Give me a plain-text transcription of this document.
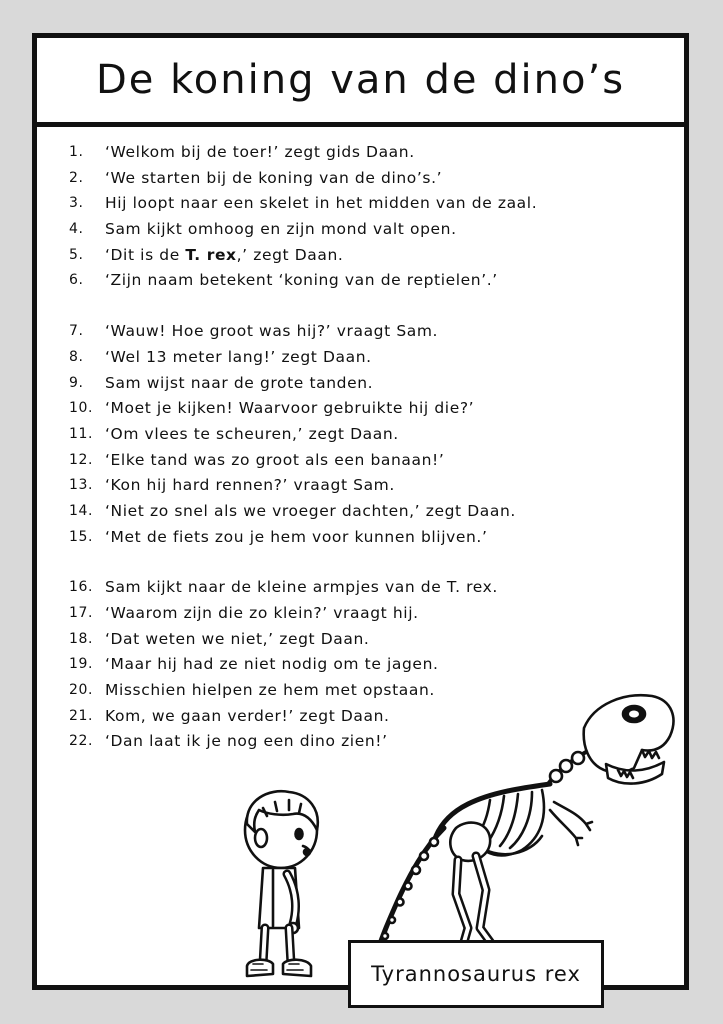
De koning van de dino’s
1.	‘Welkom bij de toer!’ zegt gids Daan.
2.	‘We starten bij de koning van de dino’s.’
3.	Hij loopt naar een skelet in het midden van de zaal.
4.	Sam kijkt omhoog en zijn mond valt open.
5.	‘Dit is de T. rex,’ zegt Daan.
6.	‘Zijn naam betekent ‘koning van de reptielen’.’
7.	‘Wauw! Hoe groot was hij?’ vraagt Sam.
8.	‘Wel 13 meter lang!’ zegt Daan.
9.	Sam wijst naar de grote tanden.
10. ‘Moet je kijken! Waarvoor gebruikte hij die?’
11. ‘Om vlees te scheuren,’ zegt Daan.
12. ‘Elke tand was zo groot als een banaan!’
13. ‘Kon hij hard rennen?’ vraagt Sam.
14. ‘Niet zo snel als we vroeger dachten,’ zegt Daan.
15. ‘Met de fiets zou je hem voor kunnen blijven.’
16. Sam kijkt naar de kleine armpjes van de T. rex.
17. ‘Waarom zijn die zo klein?’ vraagt hij.
18. ‘Dat weten we niet,’ zegt Daan.
19. ‘Maar hij had ze niet nodig om te jagen.
20. Misschien hielpen ze hem met opstaan.
21. Kom, we gaan verder!’ zegt Daan.
22. ‘Dan laat ik je nog een dino zien!’
Tyrannosaurus rex
